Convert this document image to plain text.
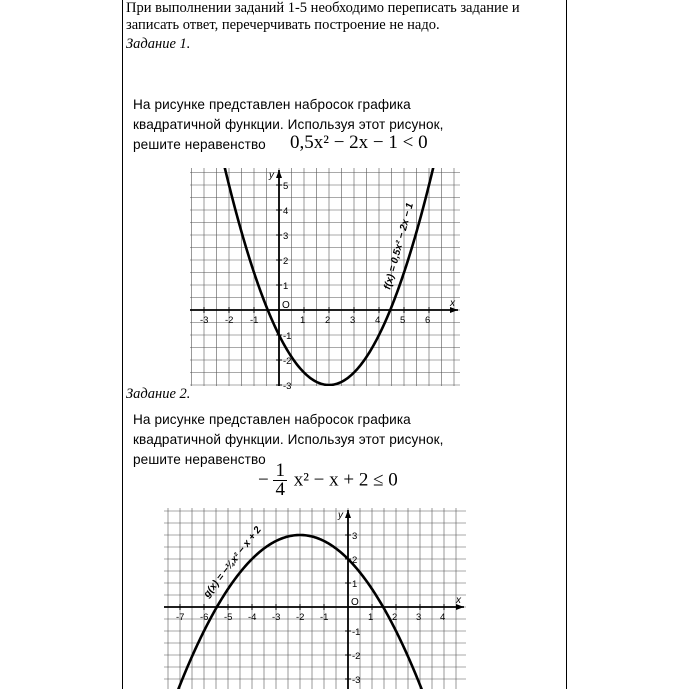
При выполнении заданий 1-5 необходимо переписать задание и записать ответ, перечерчивать построение не надо.
Задание 1.
На рисунке представлен набросок графика
квадратичной функции. Используя этот рисунок,
решите неравенство	0,5x² − 2x − 1 < 0
x
y
O
-3 -2 -1	1 2 3 4 5 6
5
4
3
2
1
-1
-2
-3
f(x) = 0,5x² − 2x − 1
Задание 2.
На рисунке представлен набросок графика
квадратичной функции. Используя этот рисунок,
решите неравенство
− $\frac{1}{4} x^2 - x + 2 \le 0$
x
y
O
-7 -6 -5 -4 -3 -2 -1	1 2 3 4
3
2
1
-1
-2
-3
g(x) = −¼x² − x + 2
